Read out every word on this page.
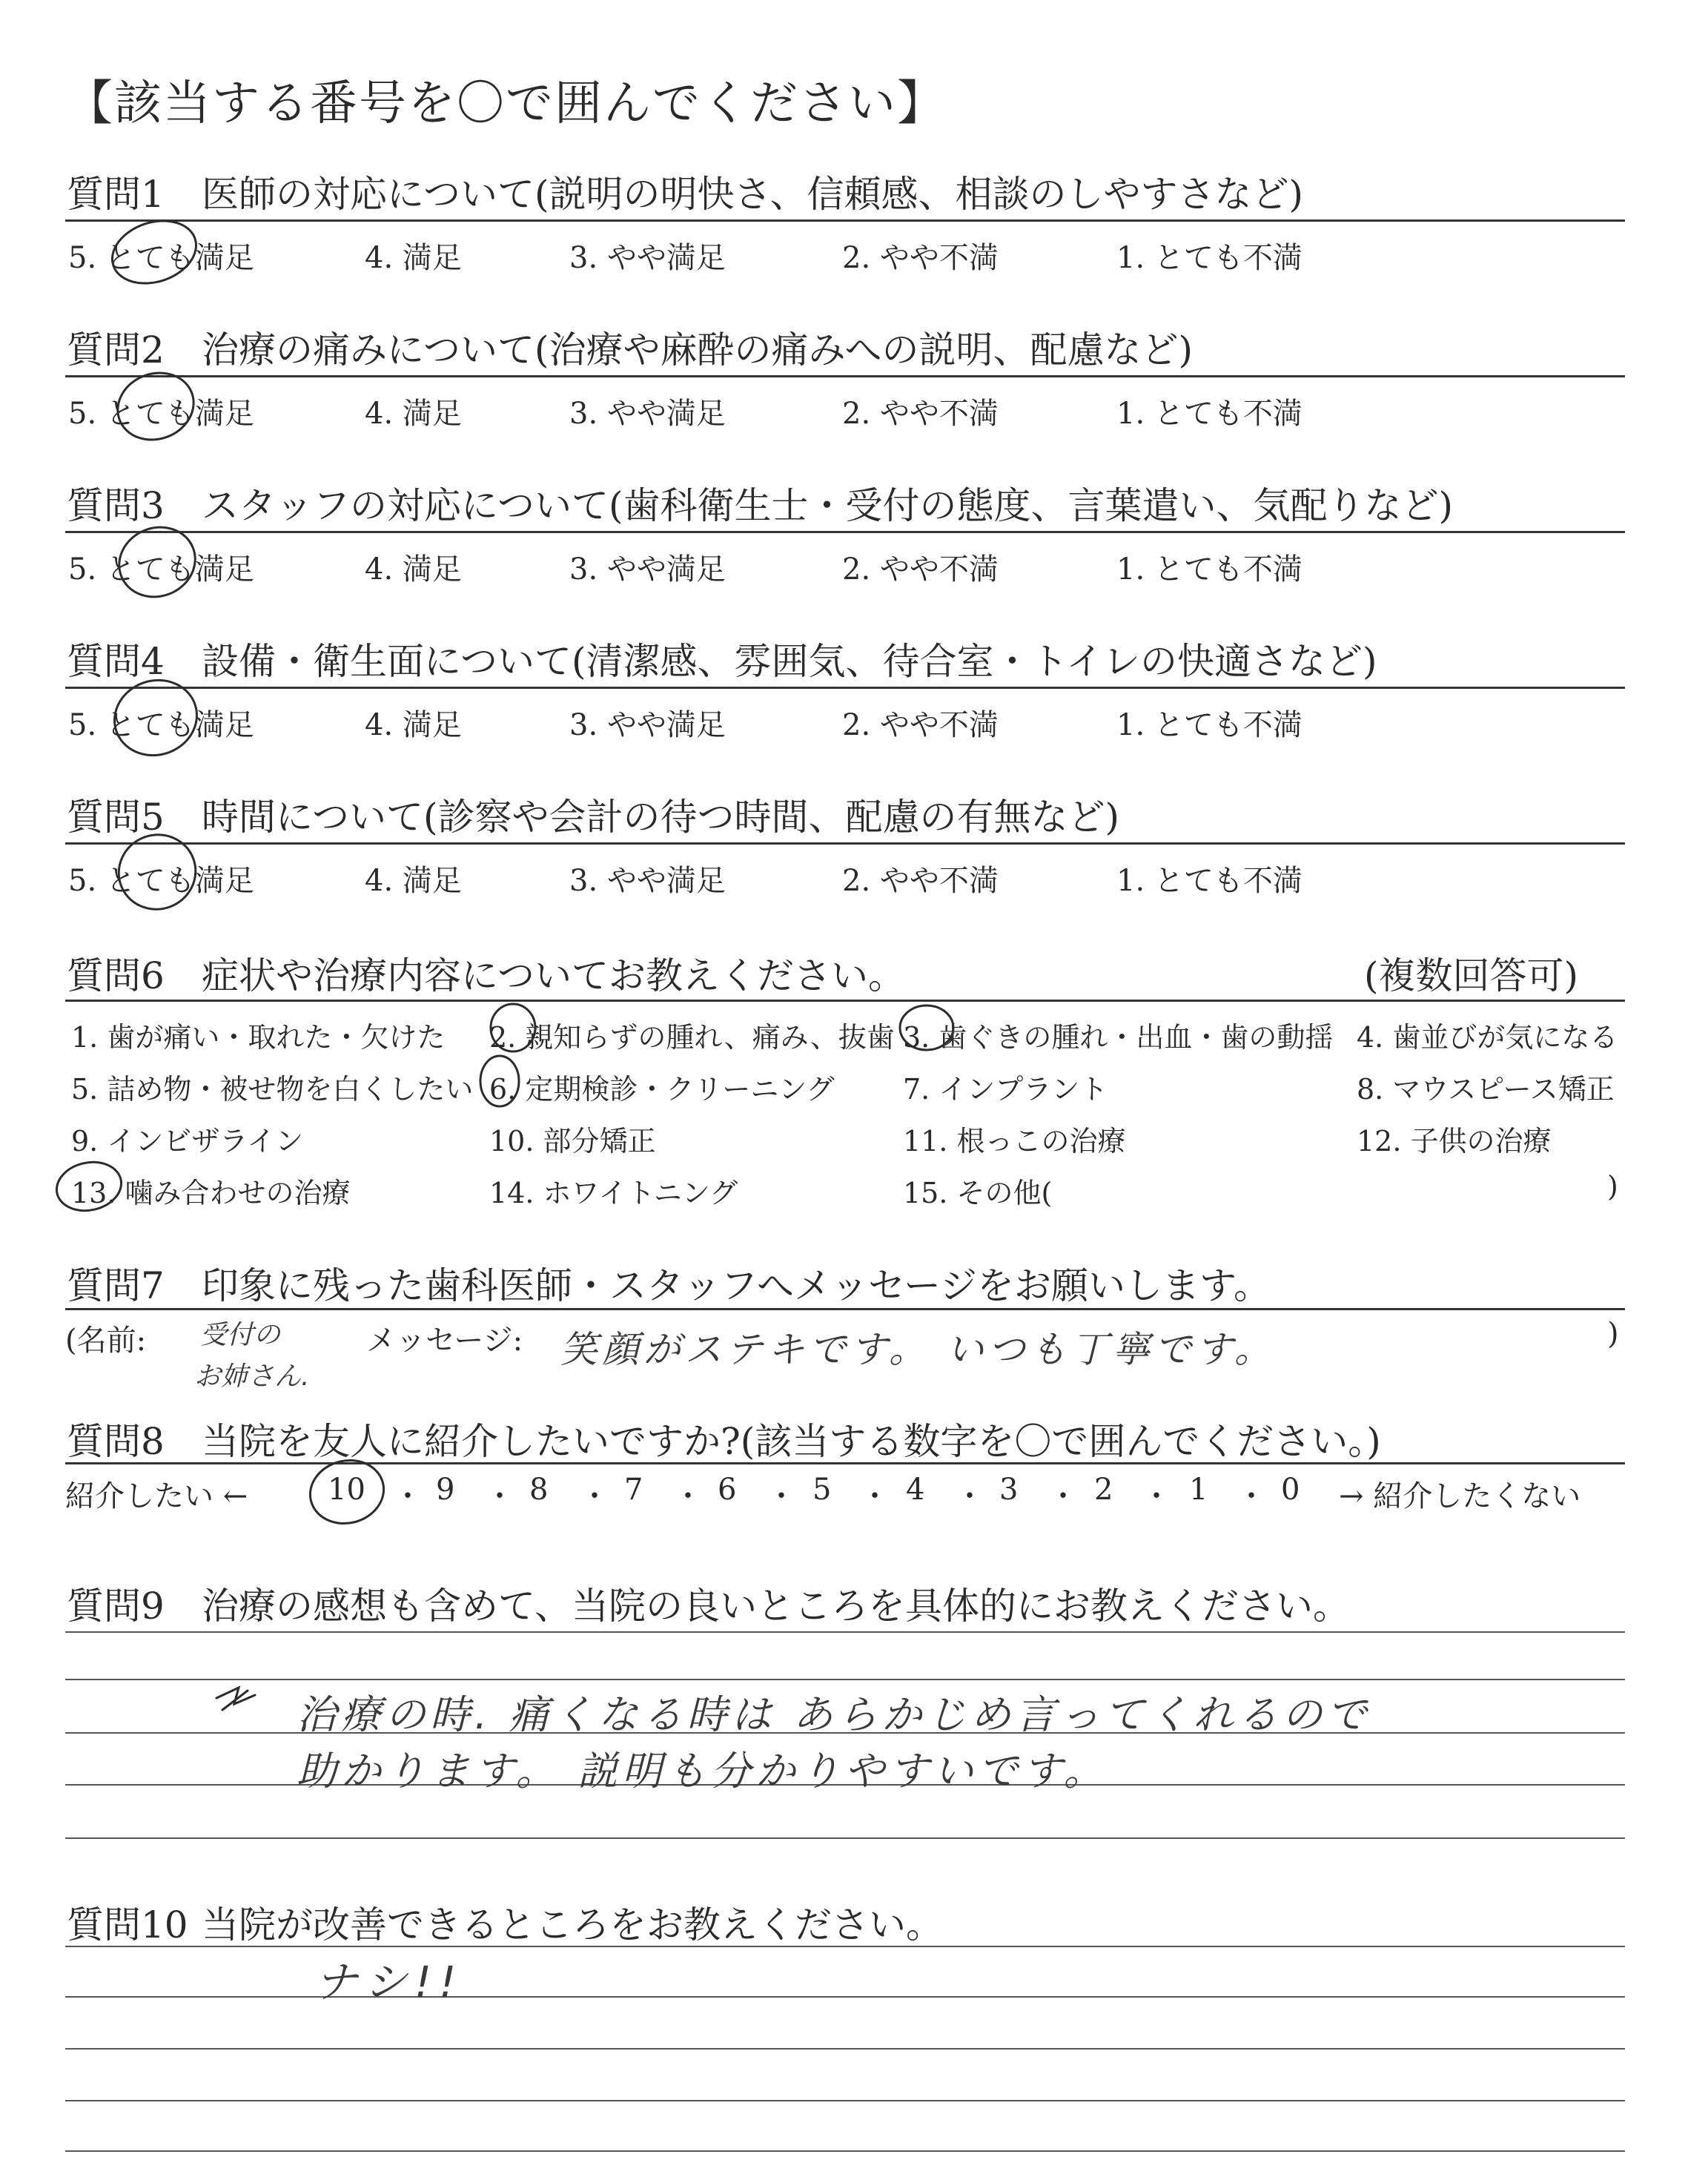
【該当する番号を〇で囲んでください】
質問1 医師の対応について(説明の明快さ、信頼感、相談のしやすさなど)
5. とても満足	4. 満足	3. やや満足	2. やや不満	1. とても不満
質問2 治療の痛みについて(治療や麻酔の痛みへの説明、配慮など)
5. とても満足	4. 満足	3. やや満足	2. やや不満	1. とても不満
質問3 スタッフの対応について(歯科衛生士・受付の態度、言葉遣い、気配りなど)
5. とても満足	4. 満足	3. やや満足	2. やや不満	1. とても不満
質問4 設備・衛生面について(清潔感、雰囲気、待合室・トイレの快適さなど)
5. とても満足	4. 満足	3. やや満足	2. やや不満	1. とても不満
質問5 時間について(診察や会計の待つ時間、配慮の有無など)
5. とても満足	4. 満足	3. やや満足	2. やや不満	1. とても不満
質問6 症状や治療内容についてお教えください。	(複数回答可)
1. 歯が痛い・取れた・欠けた 2. 親知らずの腫れ、痛み、抜歯 3. 歯ぐきの腫れ・出血・歯の動揺 4. 歯並びが気になる
5. 詰め物・被せ物を白くしたい 6. 定期検診・クリーニング 7. インプラント	8. マウスピース矯正
9. インビザライン	10. 部分矯正	11. 根っこの治療	12. 子供の治療
13. 噛み合わせの治療	14. ホワイトニング	15. その他(	)
質問7 印象に残った歯科医師・スタッフへメッセージをお願いします。
(名前: 受付の
お姉さん.
メッセージ: 笑顔がステキです。 いつも丁寧です。	)
質問8 当院を友人に紹介したいですか?(該当する数字を〇で囲んでください。)
紹介したい ←	10 ・ 9 ・ 8 ・ 7 ・ 6 ・ 5 ・ 4 ・ 3 ・ 2 ・ 1 ・ 0 → 紹介したくない
質問9 治療の感想も含めて、当院の良いところを具体的にお教えください。
治療の時. 痛くなる時は あらかじめ言ってくれるので
助かります。 説明も分かりやすいです。
質問10 当院が改善できるところをお教えください。
ナシ!!
